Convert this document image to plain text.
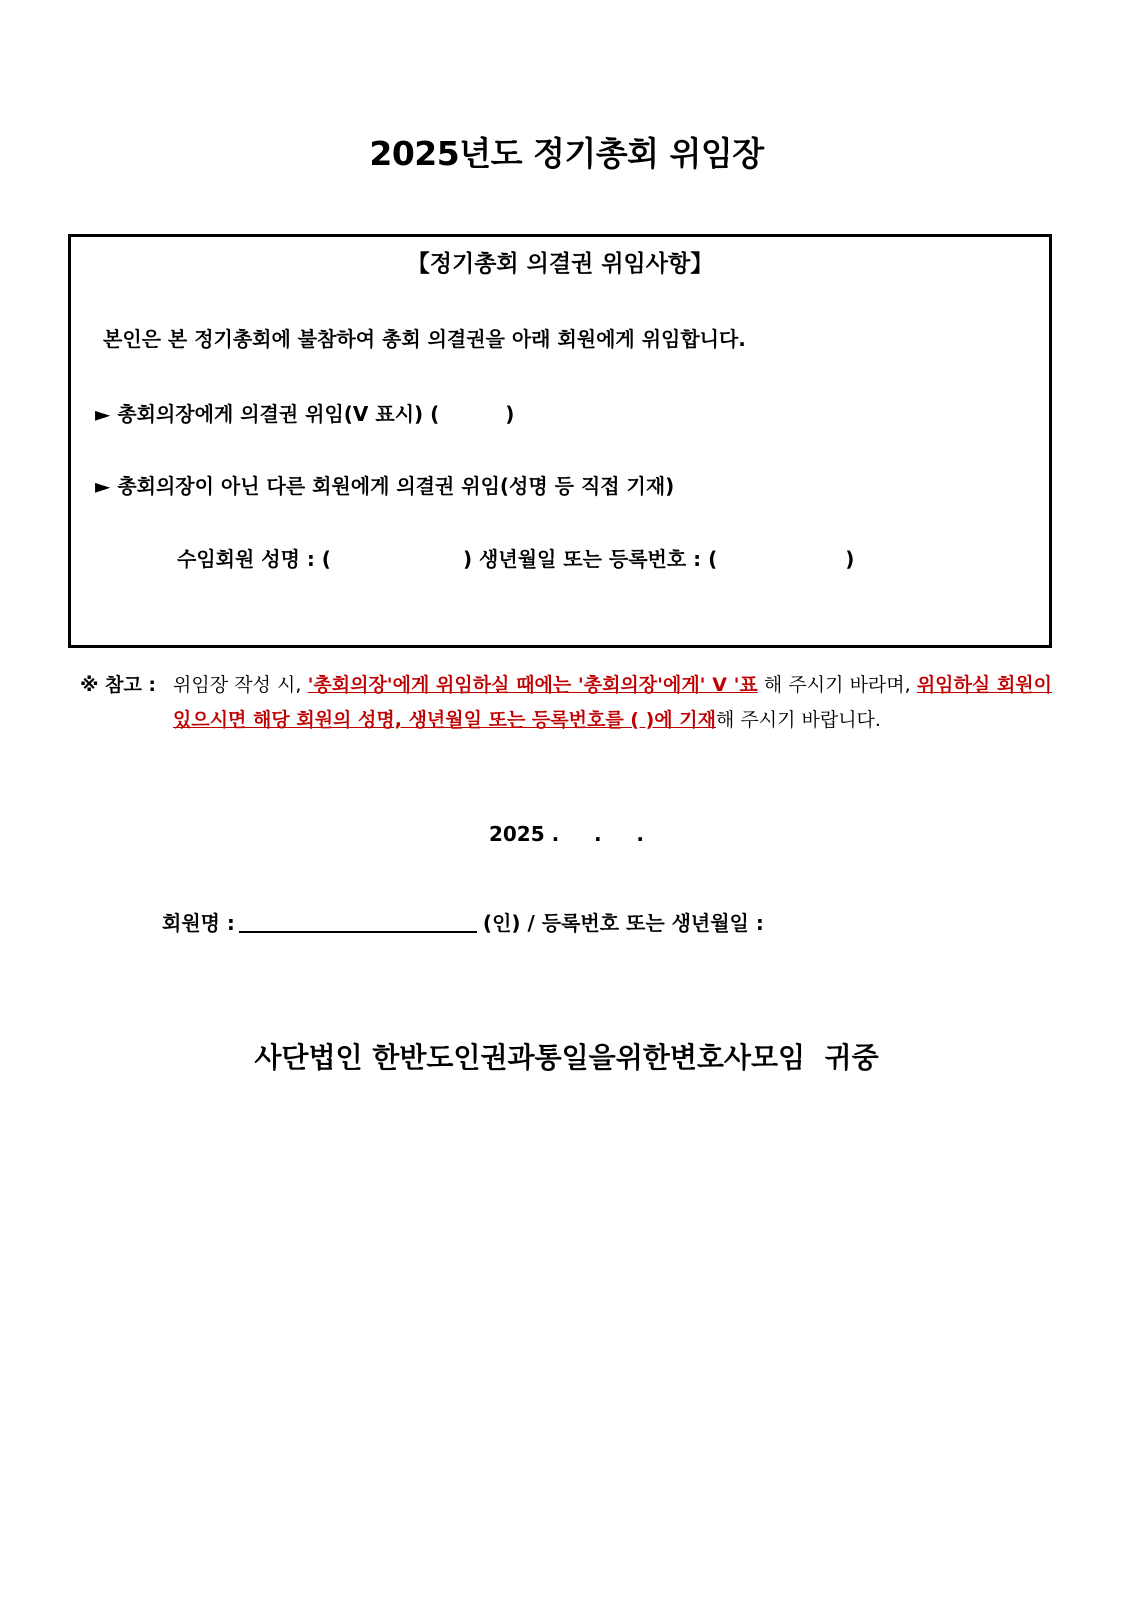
2025년도 정기총회 위임장
【정기총회 의결권 위임사항】
본인은 본 정기총회에 불참하여 총회 의결권을 아래 회원에게 위임합니다.
► 총회의장에게 의결권 위임(V 표시) (	)
► 총회의장이 아닌 다른 회원에게 의결권 위임(성명 등 직접 기재)
수임회원 성명 : (	) 생년월일 또는 등록번호 : (	)
※ 참고 : 위임장 작성 시, '총회의장'에게 위임하실 때에는 '총회의장'에게' V '표 해 주시기 바라며, 위임하실 회원이 있으시면 해당 회원의 성명, 생년월일 또는 등록번호를 ( )에 기재해 주시기 바랍니다.
2025 .     .     .
회원명 :	(인) / 등록번호 또는 생년월일 :
사단법인 한반도인권과통일을위한변호사모임  귀중
